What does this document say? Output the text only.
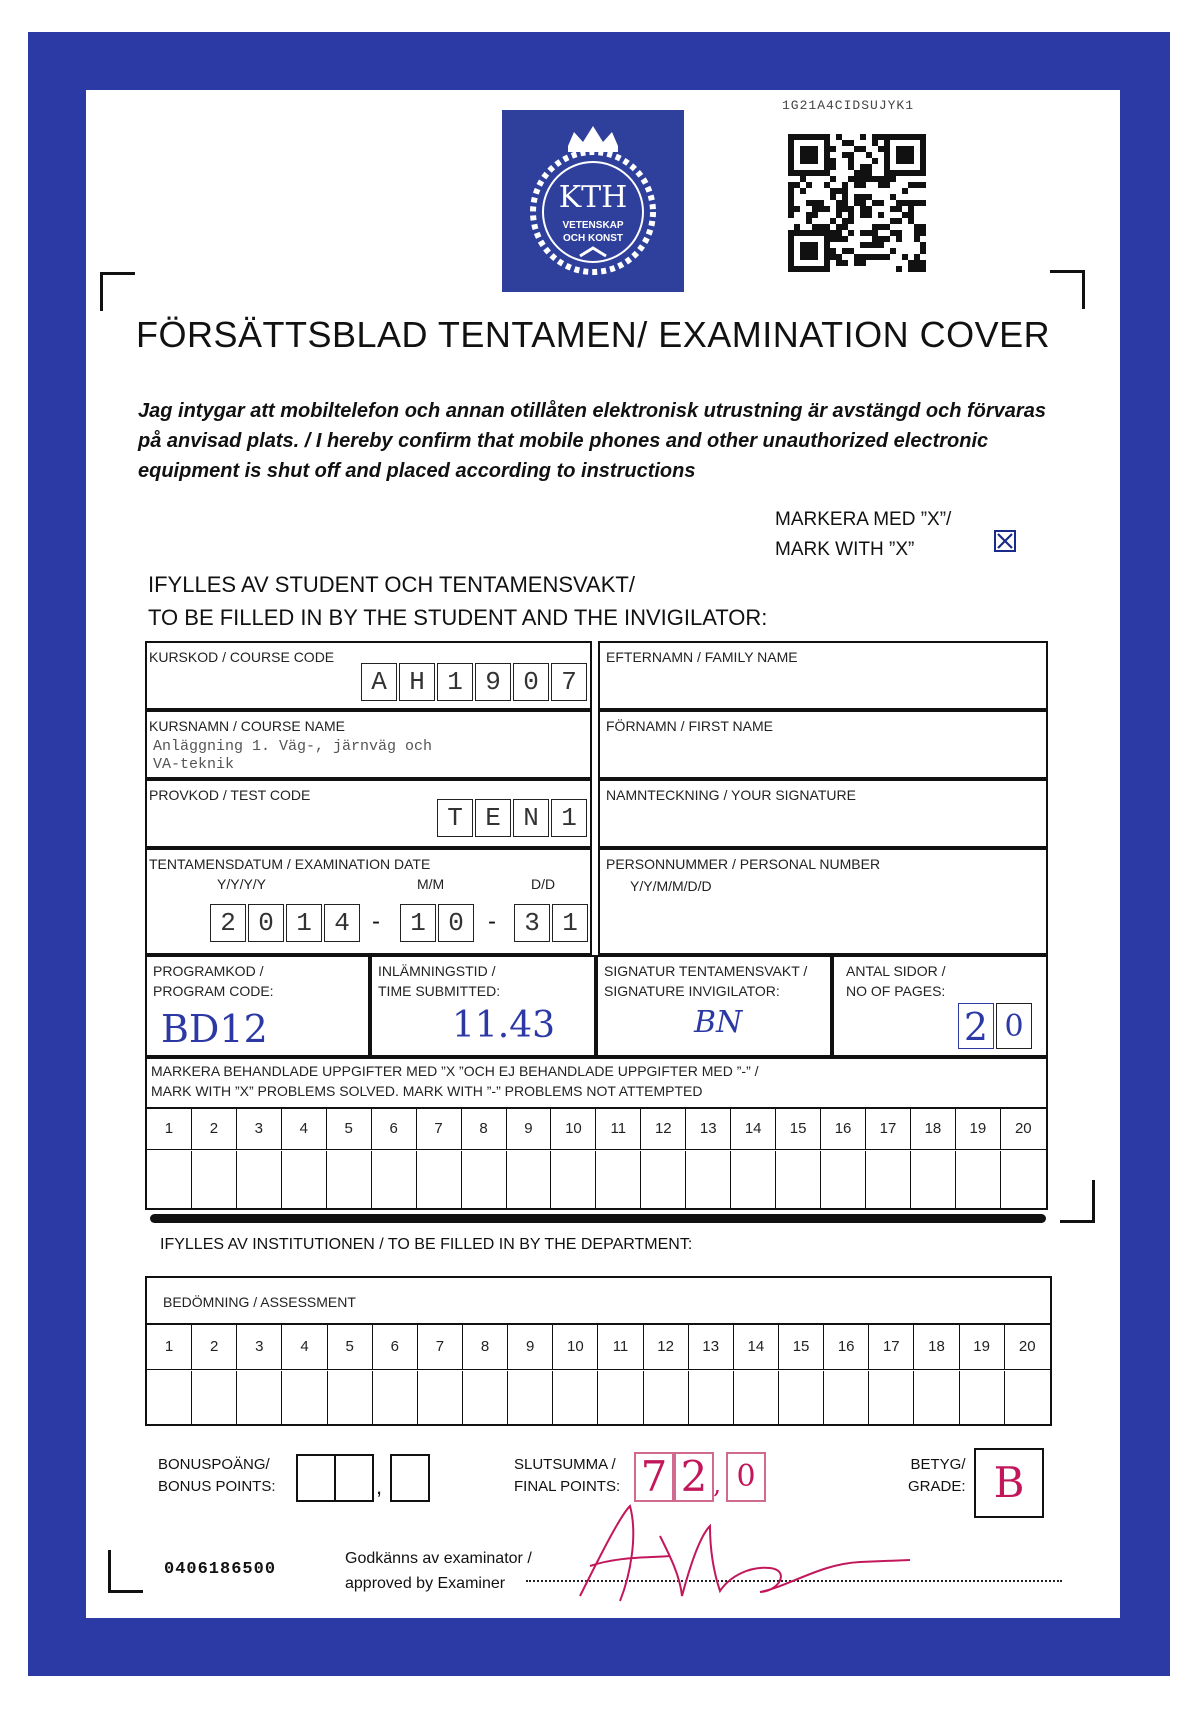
KTH
VETENSKAP
OCH KONST
1G21A4CIDSUJYK1
FÖRSÄTTSBLAD TENTAMEN/ EXAMINATION COVER
Jag intygar att mobiltelefon och annan otillåten elektronisk utrustning är avstängd och förvaras på anvisad plats. / I hereby confirm that mobile phones and other unauthorized electronic equipment is shut off and placed according to instructions
MARKERA MED ”X”/
MARK WITH ”X”
IFYLLES AV STUDENT OCH TENTAMENSVAKT/
TO BE FILLED IN BY THE STUDENT AND THE INVIGILATOR:
KURSKOD / COURSE CODE
A H 1 9 0 7
KURSNAMN / COURSE NAME
Anläggning 1. Väg-, järnväg och
VA-teknik
PROVKOD / TEST CODE
T E N 1
TENTAMENSDATUM / EXAMINATION DATE
Y/Y/Y/Y	M/M	D/D
2 0 1 4 -	1 0	-	3 1
EFTERNAMN / FAMILY NAME
FÖRNAMN / FIRST NAME
NAMNTECKNING / YOUR SIGNATURE
PERSONNUMMER / PERSONAL NUMBER
Y/Y/M/M/D/D
PROGRAMKOD /
PROGRAM CODE:
BD12
INLÄMNINGSTID /
TIME SUBMITTED:
11.43
SIGNATUR TENTAMENSVAKT /
SIGNATURE INVIGILATOR:
BN
ANTAL SIDOR /
NO OF PAGES:
2 0
MARKERA BEHANDLADE UPPGIFTER MED ”X ”OCH EJ BEHANDLADE UPPGIFTER MED ”-” /
MARK WITH ”X” PROBLEMS SOLVED. MARK WITH ”-” PROBLEMS NOT ATTEMPTED
1	2	3	4	5	6	7	8	9	10	11	12	13	14	15	16	17	18	19	20
IFYLLES AV INSTITUTIONEN / TO BE FILLED IN BY THE DEPARTMENT:
BEDÖMNING / ASSESSMENT
1	2	3	4	5	6	7	8	9	10	11	12	13	14	15	16	17	18	19	20
BONUSPOÄNG/
BONUS POINTS:	,
SLUTSUMMA /
FINAL POINTS: 7 2 , 0	BETYG/
GRADE: B
0406186500
Godkänns av examinator /
approved by Examiner
